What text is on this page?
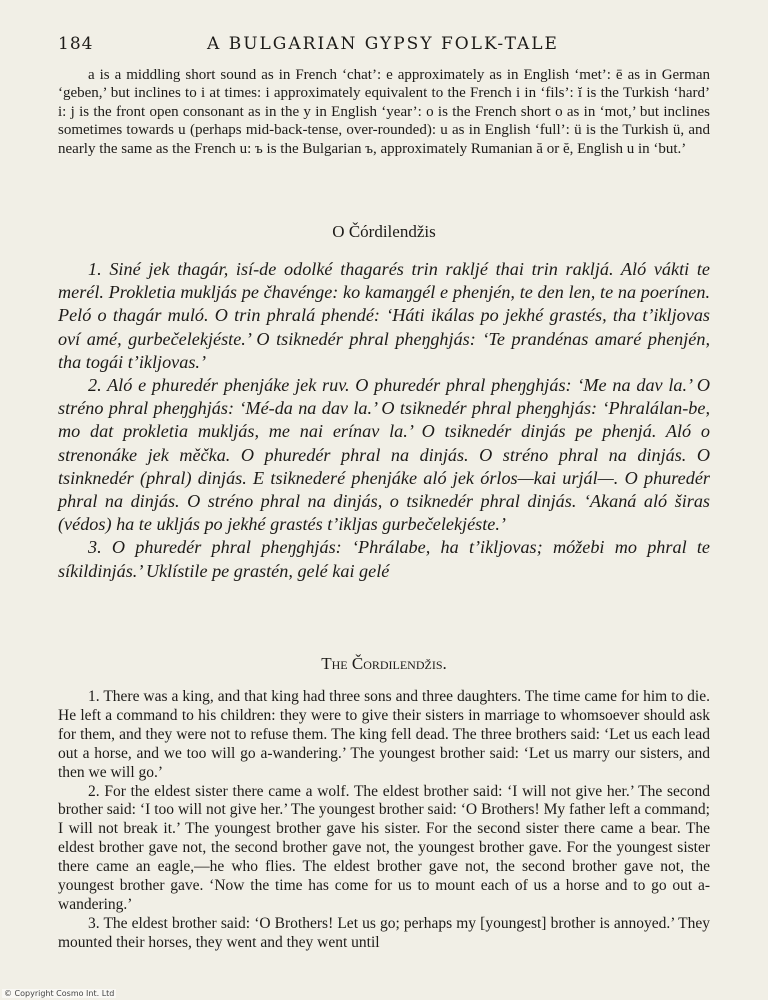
184	A BULGARIAN GYPSY FOLK-TALE

a is a middling short sound as in French ‘chat’: e approximately as in English ‘met’: ē as in German ‘geben,’ but inclines to i at times: i approximately equivalent to the French i in ‘fils’: ĭ is the Turkish ‘hard’ i: j is the front open consonant as in the y in English ‘year’: o is the French short o as in ‘mot,’ but inclines sometimes towards u (perhaps mid-back-tense, over-rounded): u as in English ‘full’: ü is the Turkish ü, and nearly the same as the French u: ъ is the Bulgarian ъ, approximately Rumanian ă or ĕ, English u in ‘but.’

O Čórdilendžis

1. Siné jek thagár, isí-de odolké thagarés trin rakljé thai trin rakljá. Aló vákti te merél. Prokletia mukljás pe čhavénge: ko kamaŋgél e phenjén, te den len, te na poerínen. Peló o thagár muló. O trin phralá phendé: ‘Háti ikálas po jekhé grastés, tha t’ikljovas oví amé, gurbečelekjéste.’ O tsiknedér phral pheŋghjás: ‘Te prandénas amaré phenjén, tha togái t’ikljovas.’

2. Aló e phuredér phenjáke jek ruv. O phuredér phral pheŋghjás: ‘Me na dav la.’ O stréno phral pheŋghjás: ‘Mé-da na dav la.’ O tsiknedér phral pheŋghjás: ‘Phralálan-be, mo dat prokletia mukljás, me nai erínav la.’ O tsiknedér dinjás pe phenjá. Aló o strenonáke jek měčka. O phuredér phral na dinjás. O stréno phral na dinjás. O tsinknedér (phral) dinjás. E tsiknederé phenjáke aló jek órlos—kai urjál—. O phuredér phral na dinjás. O stréno phral na dinjás, o tsiknedér phral dinjás. ‘Akaná aló širas (védos) ha te ukljás po jekhé grastés t’ikljas gurbečelekjéste.’

3. O phuredér phral pheŋghjás: ‘Phrálabe, ha t’ikljovas; móžebi mo phral te síkildinjás.’ Uklístile pe grastén, gelé kai gelé

The Čordilendžis.

1. There was a king, and that king had three sons and three daughters. The time came for him to die. He left a command to his children: they were to give their sisters in marriage to whomsoever should ask for them, and they were not to refuse them. The king fell dead. The three brothers said: ‘Let us each lead out a horse, and we too will go a-wandering.’ The youngest brother said: ‘Let us marry our sisters, and then we will go.’

2. For the eldest sister there came a wolf. The eldest brother said: ‘I will not give her.’ The second brother said: ‘I too will not give her.’ The youngest brother said: ‘O Brothers! My father left a command; I will not break it.’ The youngest brother gave his sister. For the second sister there came a bear. The eldest brother gave not, the second brother gave not, the youngest brother gave. For the youngest sister there came an eagle,—he who flies. The eldest brother gave not, the second brother gave not, the youngest brother gave. ‘Now the time has come for us to mount each of us a horse and to go out a-wandering.’

3. The eldest brother said: ‘O Brothers! Let us go; perhaps my [youngest] brother is annoyed.’ They mounted their horses, they went and they went until

© Copyright Cosmo Int. Ltd
